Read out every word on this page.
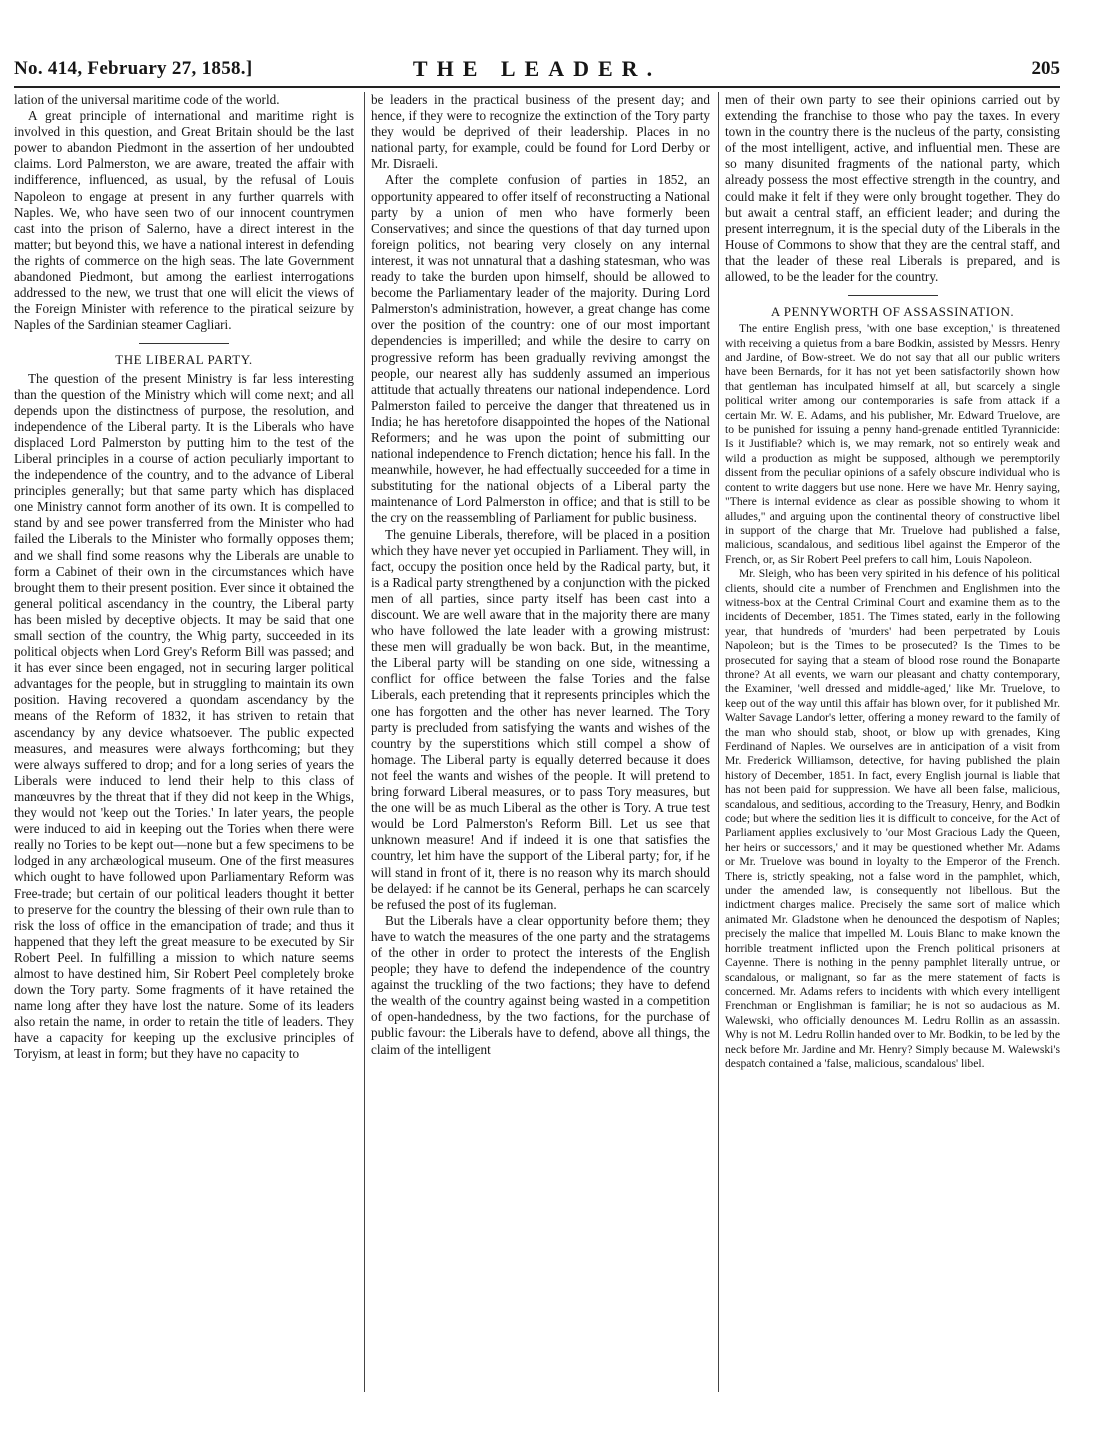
No. 414, February 27, 1858.]	THE LEADER.	205

lation of the universal maritime code of the world.

A great principle of international and maritime right is involved in this question, and Great Britain should be the last power to abandon Piedmont in the assertion of her undoubted claims. Lord Palmerston, we are aware, treated the affair with indifference, influenced, as usual, by the refusal of Louis Napoleon to engage at present in any further quarrels with Naples. We, who have seen two of our innocent countrymen cast into the prison of Salerno, have a direct interest in the matter; but beyond this, we have a national interest in defending the rights of commerce on the high seas. The late Government abandoned Piedmont, but among the earliest interrogations addressed to the new, we trust that one will elicit the views of the Foreign Minister with reference to the piratical seizure by Naples of the Sardinian steamer Cagliari.

THE LIBERAL PARTY.

The question of the present Ministry is far less interesting than the question of the Ministry which will come next; and all depends upon the distinctness of purpose, the resolution, and independence of the Liberal party. It is the Liberals who have displaced Lord Palmerston by putting him to the test of the Liberal principles in a course of action peculiarly important to the independence of the country, and to the advance of Liberal principles generally; but that same party which has displaced one Ministry cannot form another of its own. It is compelled to stand by and see power transferred from the Minister who had failed the Liberals to the Minister who formally opposes them; and we shall find some reasons why the Liberals are unable to form a Cabinet of their own in the circumstances which have brought them to their present position. Ever since it obtained the general political ascendancy in the country, the Liberal party has been misled by deceptive objects. It may be said that one small section of the country, the Whig party, succeeded in its political objects when Lord Grey's Reform Bill was passed; and it has ever since been engaged, not in securing larger political advantages for the people, but in struggling to maintain its own position. Having recovered a quondam ascendancy by the means of the Reform of 1832, it has striven to retain that ascendancy by any device whatsoever. The public expected measures, and measures were always forthcoming; but they were always suffered to drop; and for a long series of years the Liberals were induced to lend their help to this class of manœuvres by the threat that if they did not keep in the Whigs, they would not 'keep out the Tories.' In later years, the people were induced to aid in keeping out the Tories when there were really no Tories to be kept out—none but a few specimens to be lodged in any archæological museum. One of the first measures which ought to have followed upon Parliamentary Reform was Free-trade; but certain of our political leaders thought it better to preserve for the country the blessing of their own rule than to risk the loss of office in the emancipation of trade; and thus it happened that they left the great measure to be executed by Sir Robert Peel. In fulfilling a mission to which nature seems almost to have destined him, Sir Robert Peel completely broke down the Tory party. Some fragments of it have retained the name long after they have lost the nature. Some of its leaders also retain the name, in order to retain the title of leaders. They have a capacity for keeping up the exclusive principles of Toryism, at least in form; but they have no capacity to

be leaders in the practical business of the present day; and hence, if they were to recognize the extinction of the Tory party they would be deprived of their leadership. Places in no national party, for example, could be found for Lord Derby or Mr. Disraeli.

After the complete confusion of parties in 1852, an opportunity appeared to offer itself of reconstructing a National party by a union of men who have formerly been Conservatives; and since the questions of that day turned upon foreign politics, not bearing very closely on any internal interest, it was not unnatural that a dashing statesman, who was ready to take the burden upon himself, should be allowed to become the Parliamentary leader of the majority. During Lord Palmerston's administration, however, a great change has come over the position of the country: one of our most important dependencies is imperilled; and while the desire to carry on progressive reform has been gradually reviving amongst the people, our nearest ally has suddenly assumed an imperious attitude that actually threatens our national independence. Lord Palmerston failed to perceive the danger that threatened us in India; he has heretofore disappointed the hopes of the National Reformers; and he was upon the point of submitting our national independence to French dictation; hence his fall. In the meanwhile, however, he had effectually succeeded for a time in substituting for the national objects of a Liberal party the maintenance of Lord Palmerston in office; and that is still to be the cry on the reassembling of Parliament for public business.

The genuine Liberals, therefore, will be placed in a position which they have never yet occupied in Parliament. They will, in fact, occupy the position once held by the Radical party, but, it is a Radical party strengthened by a conjunction with the picked men of all parties, since party itself has been cast into a discount. We are well aware that in the majority there are many who have followed the late leader with a growing mistrust: these men will gradually be won back. But, in the meantime, the Liberal party will be standing on one side, witnessing a conflict for office between the false Tories and the false Liberals, each pretending that it represents principles which the one has forgotten and the other has never learned. The Tory party is precluded from satisfying the wants and wishes of the country by the superstitions which still compel a show of homage. The Liberal party is equally deterred because it does not feel the wants and wishes of the people. It will pretend to bring forward Liberal measures, or to pass Tory measures, but the one will be as much Liberal as the other is Tory. A true test would be Lord Palmerston's Reform Bill. Let us see that unknown measure! And if indeed it is one that satisfies the country, let him have the support of the Liberal party; for, if he will stand in front of it, there is no reason why its march should be delayed: if he cannot be its General, perhaps he can scarcely be refused the post of its fugleman.

But the Liberals have a clear opportunity before them; they have to watch the measures of the one party and the stratagems of the other in order to protect the interests of the English people; they have to defend the independence of the country against the truckling of the two factions; they have to defend the wealth of the country against being wasted in a competition of open-handedness, by the two factions, for the purchase of public favour: the Liberals have to defend, above all things, the claim of the intelligent

men of their own party to see their opinions carried out by extending the franchise to those who pay the taxes. In every town in the country there is the nucleus of the party, consisting of the most intelligent, active, and influential men. These are so many disunited fragments of the national party, which already possess the most effective strength in the country, and could make it felt if they were only brought together. They do but await a central staff, an efficient leader; and during the present interregnum, it is the special duty of the Liberals in the House of Commons to show that they are the central staff, and that the leader of these real Liberals is prepared, and is allowed, to be the leader for the country.

A PENNYWORTH OF ASSASSINATION.

The entire English press, 'with one base exception,' is threatened with receiving a quietus from a bare Bodkin, assisted by Messrs. Henry and Jardine, of Bow-street. We do not say that all our public writers have been Bernards, for it has not yet been satisfactorily shown how that gentleman has inculpated himself at all, but scarcely a single political writer among our contemporaries is safe from attack if a certain Mr. W. E. Adams, and his publisher, Mr. Edward Truelove, are to be punished for issuing a penny hand-grenade entitled Tyrannicide: Is it Justifiable? which is, we may remark, not so entirely weak and wild a production as might be supposed, although we peremptorily dissent from the peculiar opinions of a safely obscure individual who is content to write daggers but use none. Here we have Mr. Henry saying, "There is internal evidence as clear as possible showing to whom it alludes," and arguing upon the continental theory of constructive libel in support of the charge that Mr. Truelove had published a false, malicious, scandalous, and seditious libel against the Emperor of the French, or, as Sir Robert Peel prefers to call him, Louis Napoleon.

Mr. Sleigh, who has been very spirited in his defence of his political clients, should cite a number of Frenchmen and Englishmen into the witness-box at the Central Criminal Court and examine them as to the incidents of December, 1851. The Times stated, early in the following year, that hundreds of 'murders' had been perpetrated by Louis Napoleon; but is the Times to be prosecuted? Is the Times to be prosecuted for saying that a steam of blood rose round the Bonaparte throne? At all events, we warn our pleasant and chatty contemporary, the Examiner, 'well dressed and middle-aged,' like Mr. Truelove, to keep out of the way until this affair has blown over, for it published Mr. Walter Savage Landor's letter, offering a money reward to the family of the man who should stab, shoot, or blow up with grenades, King Ferdinand of Naples. We ourselves are in anticipation of a visit from Mr. Frederick Williamson, detective, for having published the plain history of December, 1851. In fact, every English journal is liable that has not been paid for suppression. We have all been false, malicious, scandalous, and seditious, according to the Treasury, Henry, and Bodkin code; but where the sedition lies it is difficult to conceive, for the Act of Parliament applies exclusively to 'our Most Gracious Lady the Queen, her heirs or successors,' and it may be questioned whether Mr. Adams or Mr. Truelove was bound in loyalty to the Emperor of the French. There is, strictly speaking, not a false word in the pamphlet, which, under the amended law, is consequently not libellous. But the indictment charges malice. Precisely the same sort of malice which animated Mr. Gladstone when he denounced the despotism of Naples; precisely the malice that impelled M. Louis Blanc to make known the horrible treatment inflicted upon the French political prisoners at Cayenne. There is nothing in the penny pamphlet literally untrue, or scandalous, or malignant, so far as the mere statement of facts is concerned. Mr. Adams refers to incidents with which every intelligent Frenchman or Englishman is familiar; he is not so audacious as M. Walewski, who officially denounces M. Ledru Rollin as an assassin. Why is not M. Ledru Rollin handed over to Mr. Bodkin, to be led by the neck before Mr. Jardine and Mr. Henry? Simply because M. Walewski's despatch contained a 'false, malicious, scandalous' libel.
